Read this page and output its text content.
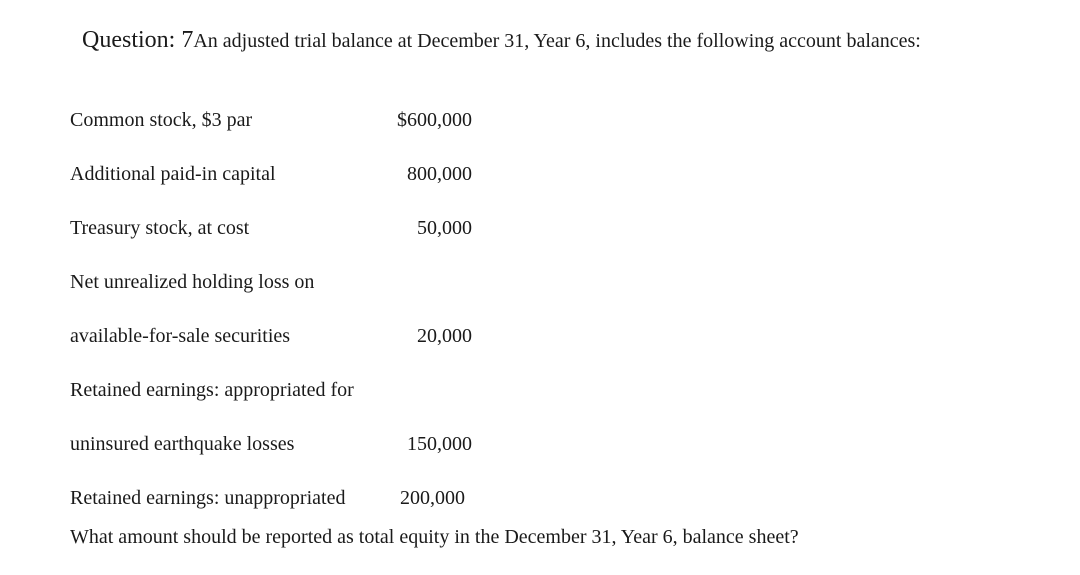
Question: 7An adjusted trial balance at December 31, Year 6, includes the following account balances:
Common stock, $3 par	$600,000
Additional paid-in capital	800,000
Treasury stock, at cost	50,000
Net unrealized holding loss on
available-for-sale securities	20,000
Retained earnings: appropriated for
uninsured earthquake losses	150,000
Retained earnings: unappropriated	200,000
What amount should be reported as total equity in the December 31, Year 6, balance sheet?
